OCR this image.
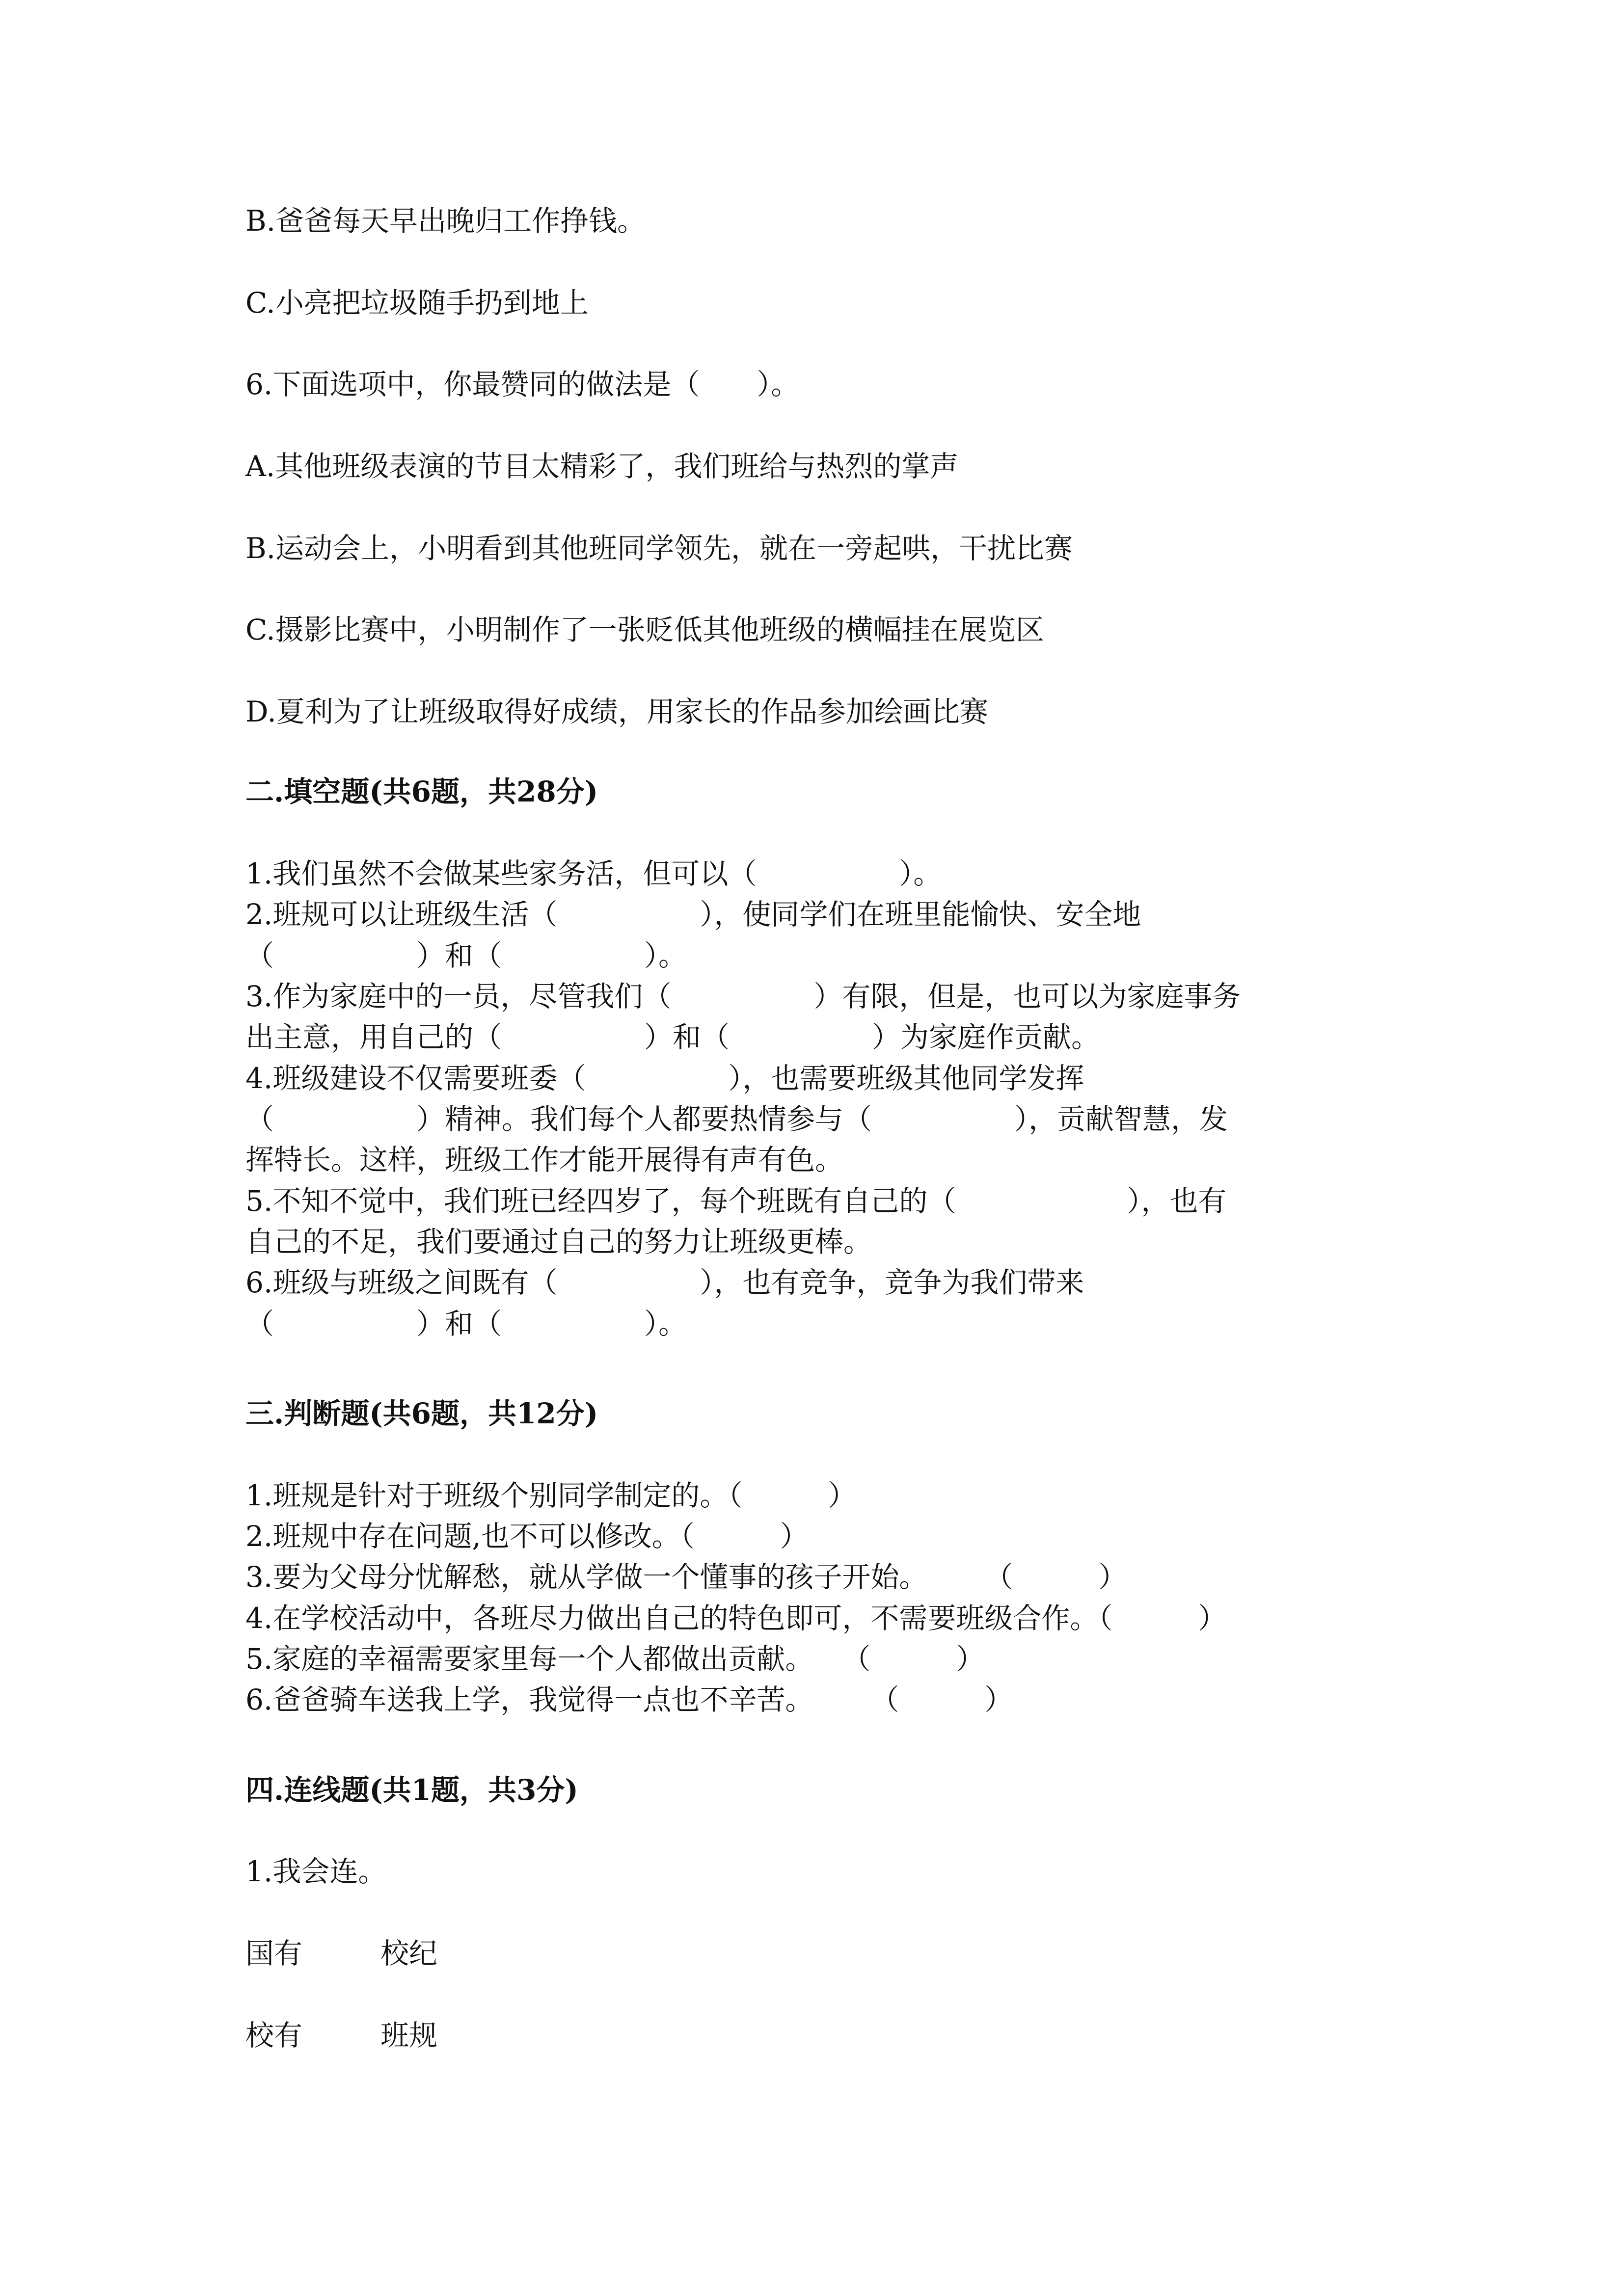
B.爸爸每天早出晚归工作挣钱。
C.小亮把垃圾随手扔到地上
6.下面选项中，你最赞同的做法是（　　）。
A.其他班级表演的节目太精彩了，我们班给与热烈的掌声
B.运动会上，小明看到其他班同学领先，就在一旁起哄，干扰比赛
C.摄影比赛中，小明制作了一张贬低其他班级的横幅挂在展览区
D.夏利为了让班级取得好成绩，用家长的作品参加绘画比赛
二.填空题(共6题，共28分)
1.我们虽然不会做某些家务活，但可以（　　　　　）。
2.班规可以让班级生活（　　　　　），使同学们在班里能愉快、安全地
（　　　　　）和（　　　　　）。
3.作为家庭中的一员，尽管我们（　　　　　）有限，但是，也可以为家庭事务
出主意，用自己的（　　　　　）和（　　　　　）为家庭作贡献。
4.班级建设不仅需要班委（　　　　　），也需要班级其他同学发挥
（　　　　　）精神。我们每个人都要热情参与（　　　　　），贡献智慧，发
挥特长。这样，班级工作才能开展得有声有色。
5.不知不觉中，我们班已经四岁了，每个班既有自己的（　　　　　　），也有
自己的不足，我们要通过自己的努力让班级更棒。
6.班级与班级之间既有（　　　　　），也有竞争，竞争为我们带来
（　　　　　）和（　　　　　）。
三.判断题(共6题，共12分)
1.班规是针对于班级个别同学制定的。（　　　）
2.班规中存在问题,也不可以修改。（　　　）
3.要为父母分忧解愁，就从学做一个懂事的孩子开始。　　　（　　　）
4.在学校活动中，各班尽力做出自己的特色即可，不需要班级合作。（　　　）
5.家庭的幸福需要家里每一个人都做出贡献。　　（　　　）
6.爸爸骑车送我上学，我觉得一点也不辛苦。　　　（　　　）
四.连线题(共1题，共3分)
1.我会连。
国有	校纪
校有	班规
